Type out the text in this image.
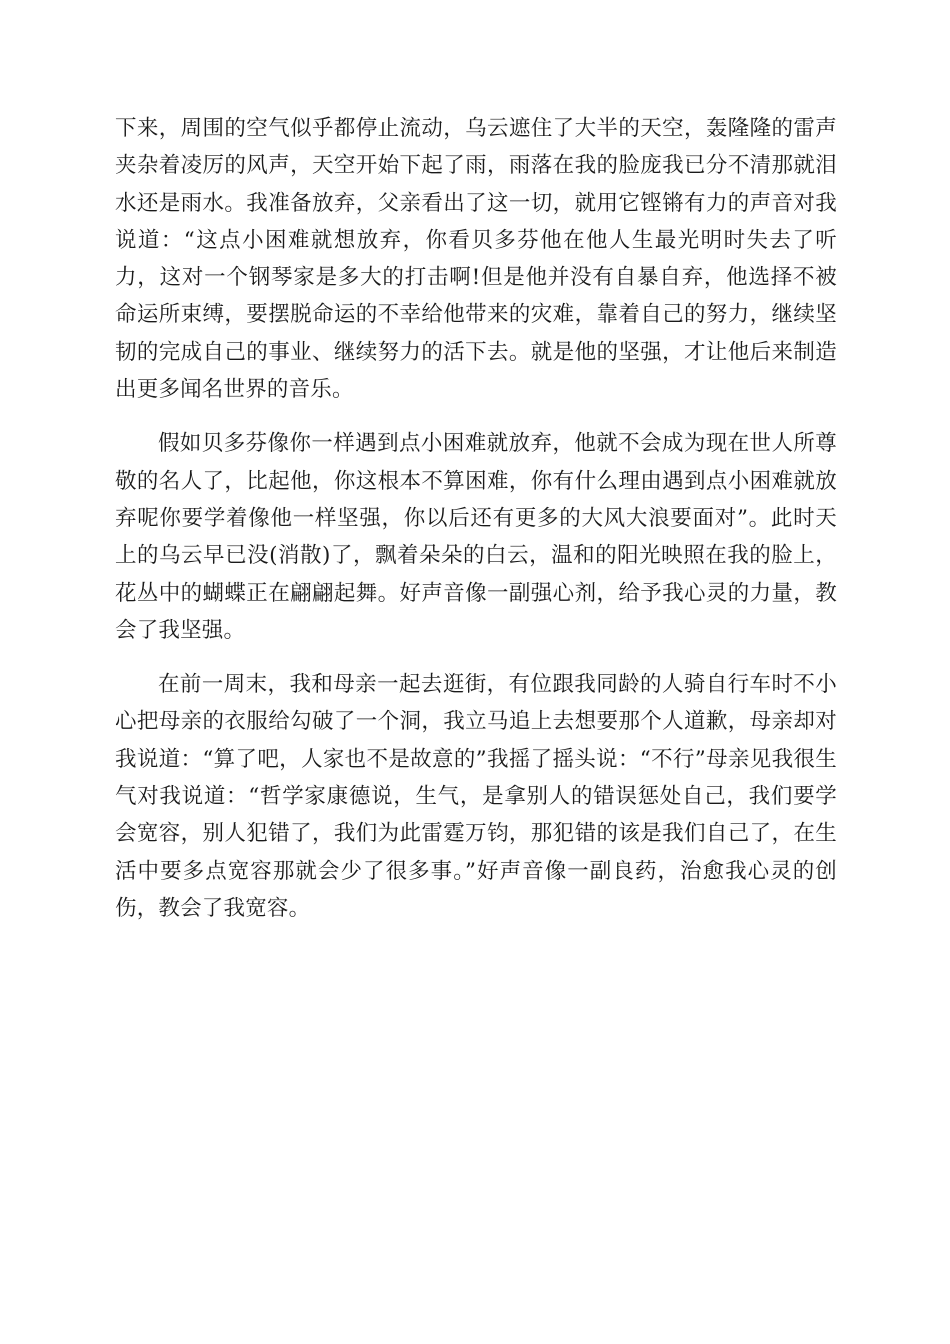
下来，周围的空气似乎都停止流动，乌云遮住了大半的天空，轰隆隆的雷声夹杂着凌厉的风声，天空开始下起了雨，雨落在我的脸庞我已分不清那就泪水还是雨水。我准备放弃，父亲看出了这一切，就用它铿锵有力的声音对我说道：“这点小困难就想放弃，你看贝多芬他在他人生最光明时失去了听力，这对一个钢琴家是多大的打击啊!但是他并没有自暴自弃，他选择不被命运所束缚，要摆脱命运的不幸给他带来的灾难，靠着自己的努力，继续坚韧的完成自己的事业、继续努力的活下去。就是他的坚强，才让他后来制造出更多闻名世界的音乐。

假如贝多芬像你一样遇到点小困难就放弃，他就不会成为现在世人所尊敬的名人了，比起他，你这根本不算困难，你有什么理由遇到点小困难就放弃呢你要学着像他一样坚强，你以后还有更多的大风大浪要面对”。此时天上的乌云早已没(消散)了，飘着朵朵的白云，温和的阳光映照在我的脸上，花丛中的蝴蝶正在翩翩起舞。好声音像一副强心剂，给予我心灵的力量，教会了我坚强。

在前一周末，我和母亲一起去逛街，有位跟我同龄的人骑自行车时不小心把母亲的衣服给勾破了一个洞，我立马追上去想要那个人道歉，母亲却对我说道：“算了吧，人家也不是故意的”我摇了摇头说：“不行”母亲见我很生气对我说道：“哲学家康德说，生气，是拿别人的错误惩处自己，我们要学会宽容，别人犯错了，我们为此雷霆万钧，那犯错的该是我们自己了，在生活中要多点宽容那就会少了很多事。”好声音像一副良药，治愈我心灵的创伤，教会了我宽容。
